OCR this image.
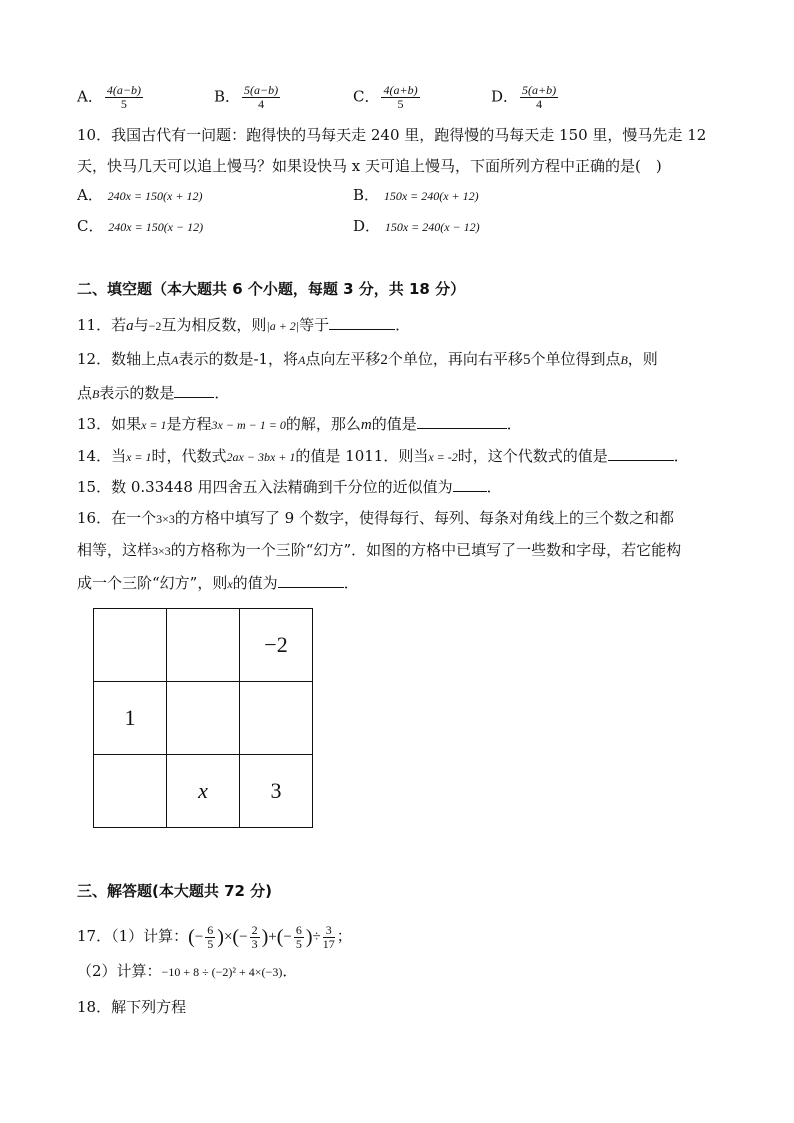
A． $\frac{4(a-b)}{5}$	B． $\frac{5(a-b)}{4}$	C． $\frac{4(a+b)}{5}$	D． $\frac{5(a+b)}{4}$
10．我国古代有一问题：跑得快的马每天走 240 里，跑得慢的马每天走 150 里，慢马先走 12
天，快马几天可以追上慢马？如果设快马 x 天可追上慢马，下面所列方程中正确的是(　)
A． 240x = 150(x + 12)	B． 150x = 240(x + 12)
C． 240x = 150(x − 12)	D． 150x = 240(x − 12)
二、填空题（本大题共 6 个小题，每题 3 分，共 18 分）
11．若a与−2互为相反数，则|a + 2|等于	．
12．数轴上点A表示的数是-1，将A点向左平移2个单位，再向右平移5个单位得到点B，则
点B表示的数是	．
13．如果x = 1是方程3x − m − 1 = 0的解，那么m的值是	．
14．当x = 1时，代数式2ax − 3bx + 1的值是 1011．则当x = -2时，这个代数式的值是	．
15．数 0.33448 用四舍五入法精确到千分位的近似值为 ．
16．在一个3×3的方格中填写了 9 个数字，使得每行、每列、每条对角线上的三个数之和都
相等，这样3×3的方格称为一个三阶“幻方”．如图的方格中已填写了一些数和字母，若它能构
成一个三阶“幻方”，则x的值为	．
		−2
1		
	x	3
三、解答题(本大题共 72 分)
17．（1）计算：(− $\frac{6}{5}$ )×(− $\frac{2}{3}$ )+(− $\frac{6}{5}$ )÷ $\frac{3}{17}$ ；
（2）计算：−10 + 8 ÷ (−2)² + 4×(−3)．
18．解下列方程
